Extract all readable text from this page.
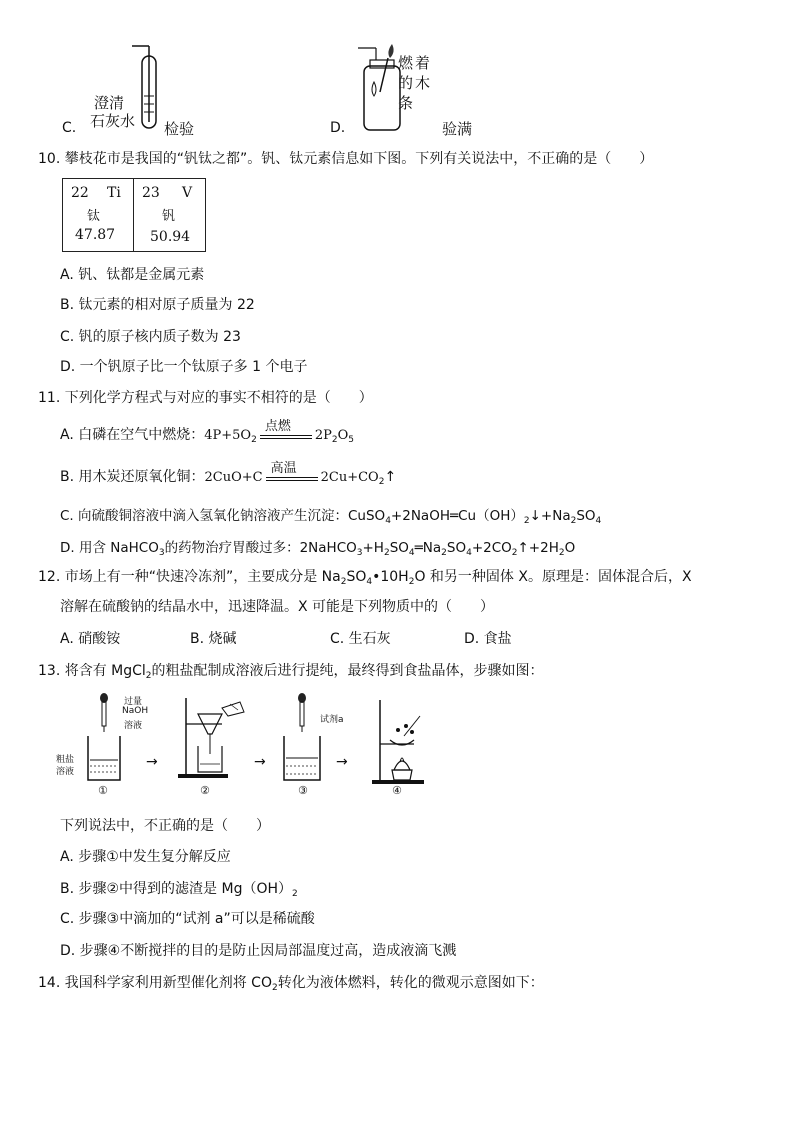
澄清
石灰水
C.	检验
燃着
的木
条
D.	验满
10. 攀枝花市是我国的“钒钛之都”。钒、钛元素信息如下图。下列有关说法中，不正确的是（　　）
22 Ti
钛
47.87
23 V
钒
50.94
A. 钒、钛都是金属元素
B. 钛元素的相对原子质量为 22
C. 钒的原子核内质子数为 23
D. 一个钒原子比一个钛原子多 1 个电子
11. 下列化学方程式与对应的事实不相符的是（　　）
A. 白磷在空气中燃烧：$4P+5O_2$
点燃
$2P_2O_5$
B. 用木炭还原氧化铜：2CuO+C
高温
$2Cu+CO_2↑$
C. 向硫酸铜溶液中滴入氢氧化钠溶液产生沉淀：$CuSO_4+2NaOH═Cu(OH)_2↓+Na_2SO_4$
D. 用含 NaHCO$_3$的药物治疗胃酸过多：$2NaHCO_3+H_2SO_4═Na_2SO_4+2CO_2↑+2H_2O$
12. 市场上有一种“快速冷冻剂”，主要成分是 $Na_2SO_4•10H_2O$ 和另一种固体 X。原理是：固体混合后，X
溶解在硫酸钠的结晶水中，迅速降温。X 可能是下列物质中的（　　）
A. 硝酸铵	B. 烧碱	C. 生石灰	D. 食盐
13. 将含有 MgCl$_2$的粗盐配制成溶液后进行提纯，最终得到食盐晶体，步骤如图：
过量
NaOH
溶液
粗盐
溶液
①
→
②
→
试剂a
③
→
④
下列说法中，不正确的是（　　）
A. 步骤①中发生复分解反应
B. 步骤②中得到的滤渣是 $Mg(OH)_2$
C. 步骤③中滴加的“试剂 a”可以是稀硫酸
D. 步骤④不断搅拌的目的是防止因局部温度过高，造成液滴飞溅
14. 我国科学家利用新型催化剂将 $CO_2$转化为液体燃料，转化的微观示意图如下：
